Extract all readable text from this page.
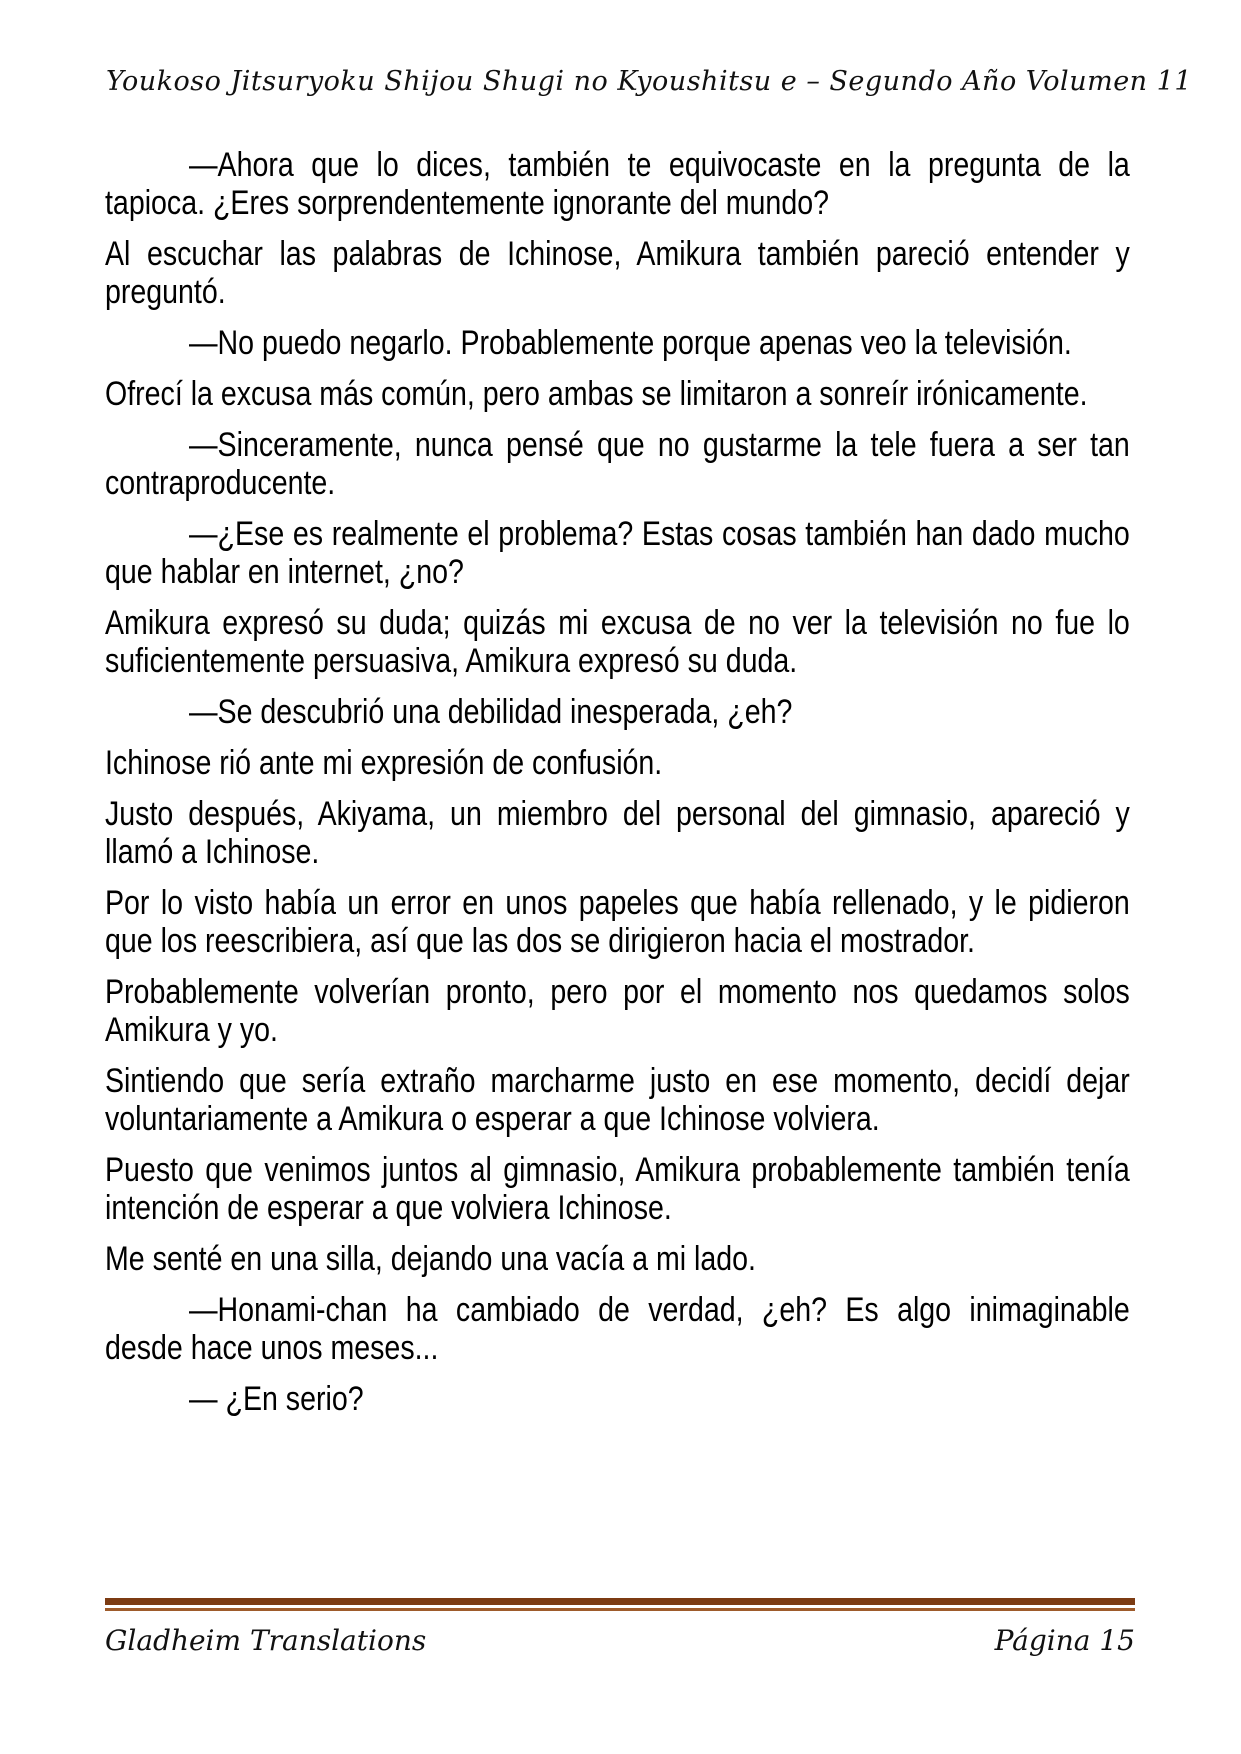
Youkoso Jitsuryoku Shijou Shugi no Kyoushitsu e – Segundo Año Volumen 11

—Ahora que lo dices, también te equivocaste en la pregunta de la tapioca. ¿Eres sorprendentemente ignorante del mundo?

Al escuchar las palabras de Ichinose, Amikura también pareció entender y preguntó.

—No puedo negarlo. Probablemente porque apenas veo la televisión.

Ofrecí la excusa más común, pero ambas se limitaron a sonreír irónicamente.

—Sinceramente, nunca pensé que no gustarme la tele fuera a ser tan contraproducente.

—¿Ese es realmente el problema? Estas cosas también han dado mucho que hablar en internet, ¿no?

Amikura expresó su duda; quizás mi excusa de no ver la televisión no fue lo suficientemente persuasiva, Amikura expresó su duda.

—Se descubrió una debilidad inesperada, ¿eh?

Ichinose rió ante mi expresión de confusión.

Justo después, Akiyama, un miembro del personal del gimnasio, apareció y llamó a Ichinose.

Por lo visto había un error en unos papeles que había rellenado, y le pidieron que los reescribiera, así que las dos se dirigieron hacia el mostrador.

Probablemente volverían pronto, pero por el momento nos quedamos solos Amikura y yo.

Sintiendo que sería extraño marcharme justo en ese momento, decidí dejar voluntariamente a Amikura o esperar a que Ichinose volviera.

Puesto que venimos juntos al gimnasio, Amikura probablemente también tenía intención de esperar a que volviera Ichinose.

Me senté en una silla, dejando una vacía a mi lado.

—Honami-chan ha cambiado de verdad, ¿eh? Es algo inimaginable desde hace unos meses...

— ¿En serio?

Gladheim Translations	Página 15
